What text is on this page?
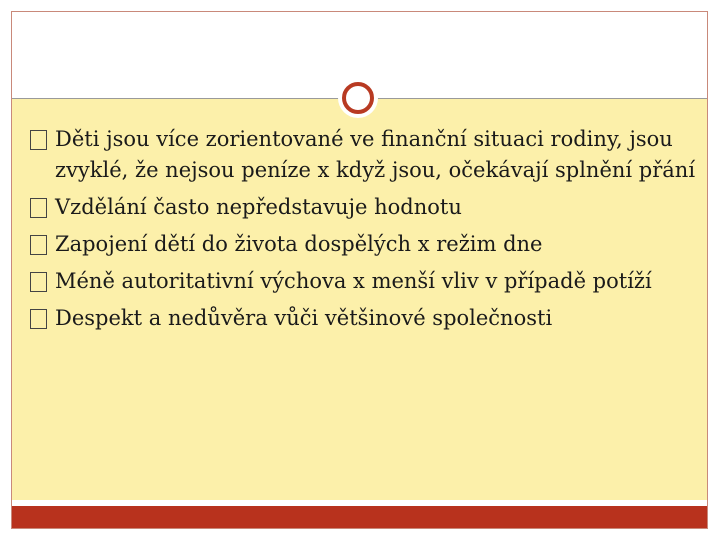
Děti jsou více zorientované ve finanční situaci rodiny, jsou zvyklé, že nejsou peníze x když jsou, očekávají splnění přání
Vzdělání často nepředstavuje hodnotu
Zapojení dětí do života dospělých x režim dne
Méně autoritativní výchova x menší vliv v případě potíží
Despekt a nedůvěra vůči většinové společnosti
